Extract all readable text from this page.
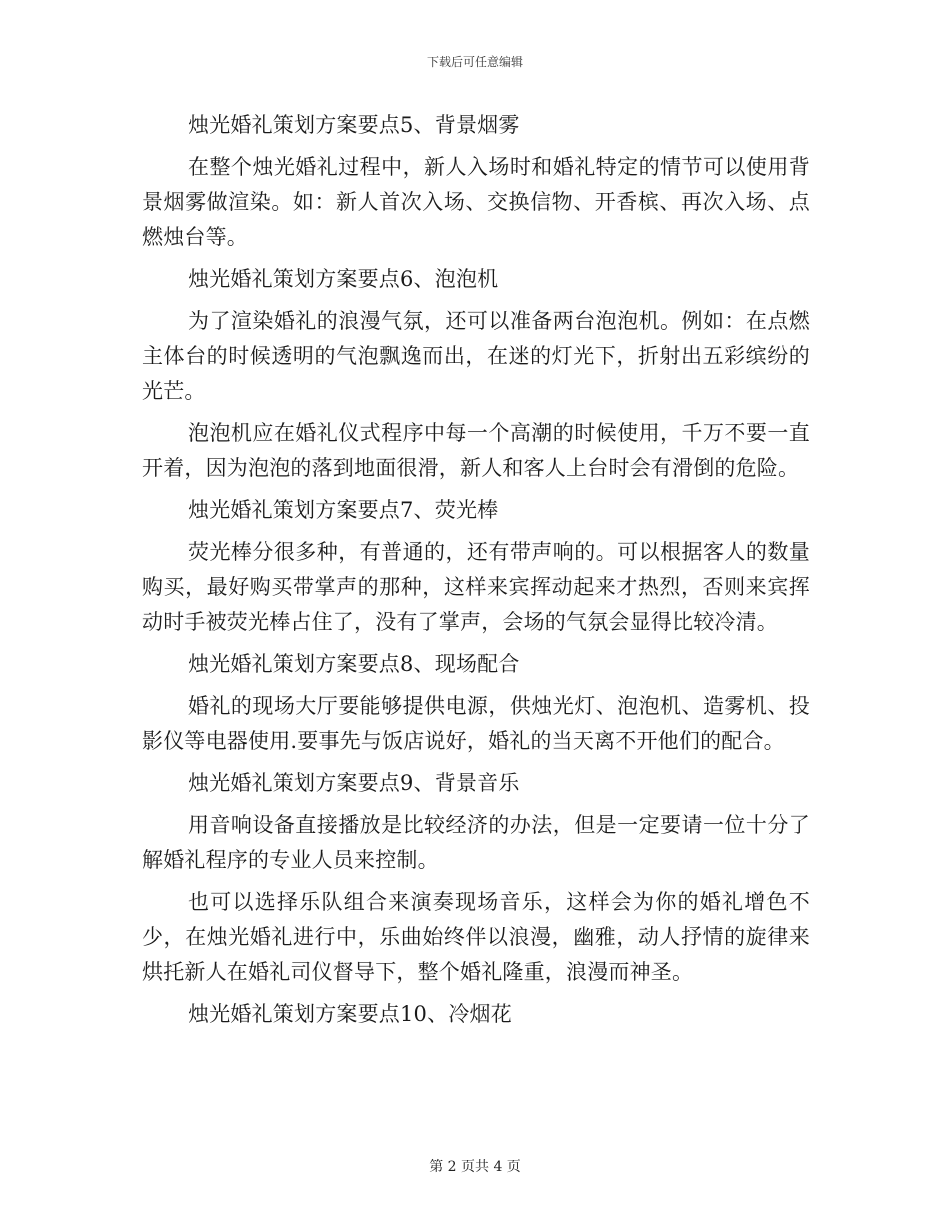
下载后可任意编辑

烛光婚礼策划方案要点5、背景烟雾

在整个烛光婚礼过程中，新人入场时和婚礼特定的情节可以使用背景烟雾做渲染。如：新人首次入场、交换信物、开香槟、再次入场、点燃烛台等。

烛光婚礼策划方案要点6、泡泡机

为了渲染婚礼的浪漫气氛，还可以准备两台泡泡机。例如：在点燃主体台的时候透明的气泡飘逸而出，在迷的灯光下，折射出五彩缤纷的光芒。

泡泡机应在婚礼仪式程序中每一个高潮的时候使用，千万不要一直开着，因为泡泡的落到地面很滑，新人和客人上台时会有滑倒的危险。

烛光婚礼策划方案要点7、荧光棒

荧光棒分很多种，有普通的，还有带声响的。可以根据客人的数量购买，最好购买带掌声的那种，这样来宾挥动起来才热烈，否则来宾挥动时手被荧光棒占住了，没有了掌声，会场的气氛会显得比较冷清。

烛光婚礼策划方案要点8、现场配合

婚礼的现场大厅要能够提供电源，供烛光灯、泡泡机、造雾机、投影仪等电器使用.要事先与饭店说好，婚礼的当天离不开他们的配合。

烛光婚礼策划方案要点9、背景音乐

用音响设备直接播放是比较经济的办法，但是一定要请一位十分了解婚礼程序的专业人员来控制。

也可以选择乐队组合来演奏现场音乐，这样会为你的婚礼增色不少，在烛光婚礼进行中，乐曲始终伴以浪漫，幽雅，动人抒情的旋律来烘托新人在婚礼司仪督导下，整个婚礼隆重，浪漫而神圣。

烛光婚礼策划方案要点10、冷烟花

第 2 页共 4 页
